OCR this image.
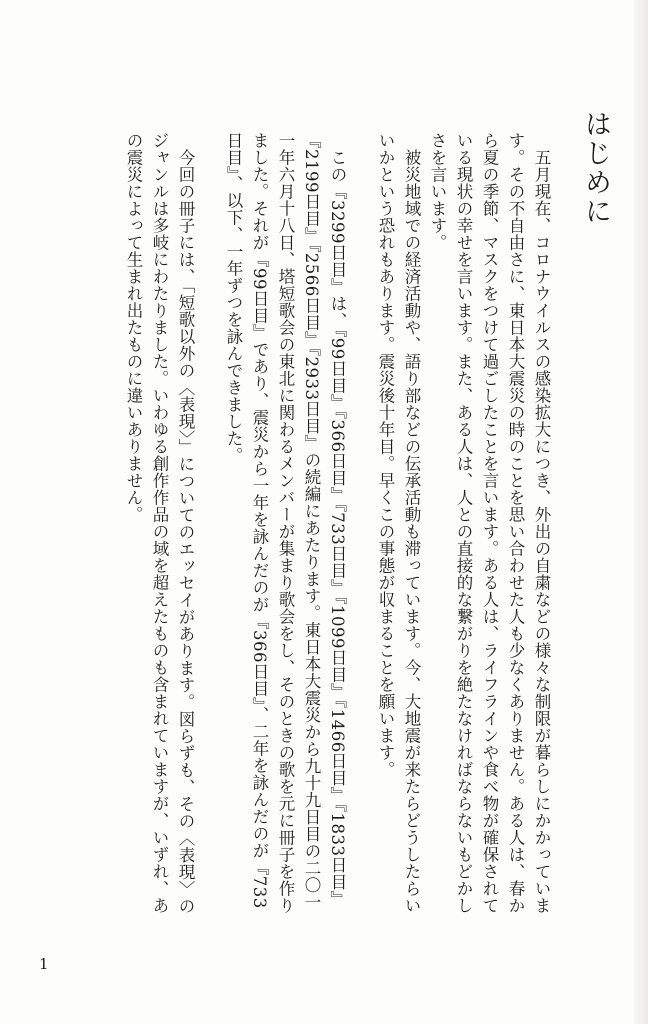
はじめに

五月現在、コロナウイルスの感染拡大につき、外出の自粛などの様々な制限が暮らしにかかっています。その不自由さに、東日本大震災の時のことを思い合わせた人も少なくありません。ある人は、春から夏の季節、マスクをつけて過ごしたことを言います。ある人は、ライフラインや食べ物が確保されている現状の幸せを言います。また、ある人は、人との直接的な繋がりを絶たなければならないもどかしさを言います。

被災地域での経済活動や、語り部などの伝承活動も滞っています。今、大地震が来たらどうしたらいいかという恐れもあります。震災後十年目。早くこの事態が収まることを願います。

この『3299日目』は、『99日目』『366日目』『733日目』『1099日目』『1466日目』『1833日目』『2199日目』『2566日目』『2933日目』の続編にあたります。東日本大震災から九十九日目の二〇一一年六月十八日、塔短歌会の東北に関わるメンバーが集まり歌会をし、そのときの歌を元に冊子を作りました。それが『99日目』であり、震災から一年を詠んだのが『366日目』、二年を詠んだのが『733日目』、以下、一年ずつを詠んできました。

今回の冊子には、「短歌以外の〈表現〉」についてのエッセイがあります。図らずも、その〈表現〉のジャンルは多岐にわたりました。いわゆる創作作品の域を超えたものも含まれていますが、いずれ、あの震災によって生まれ出たものに違いありません。

1
